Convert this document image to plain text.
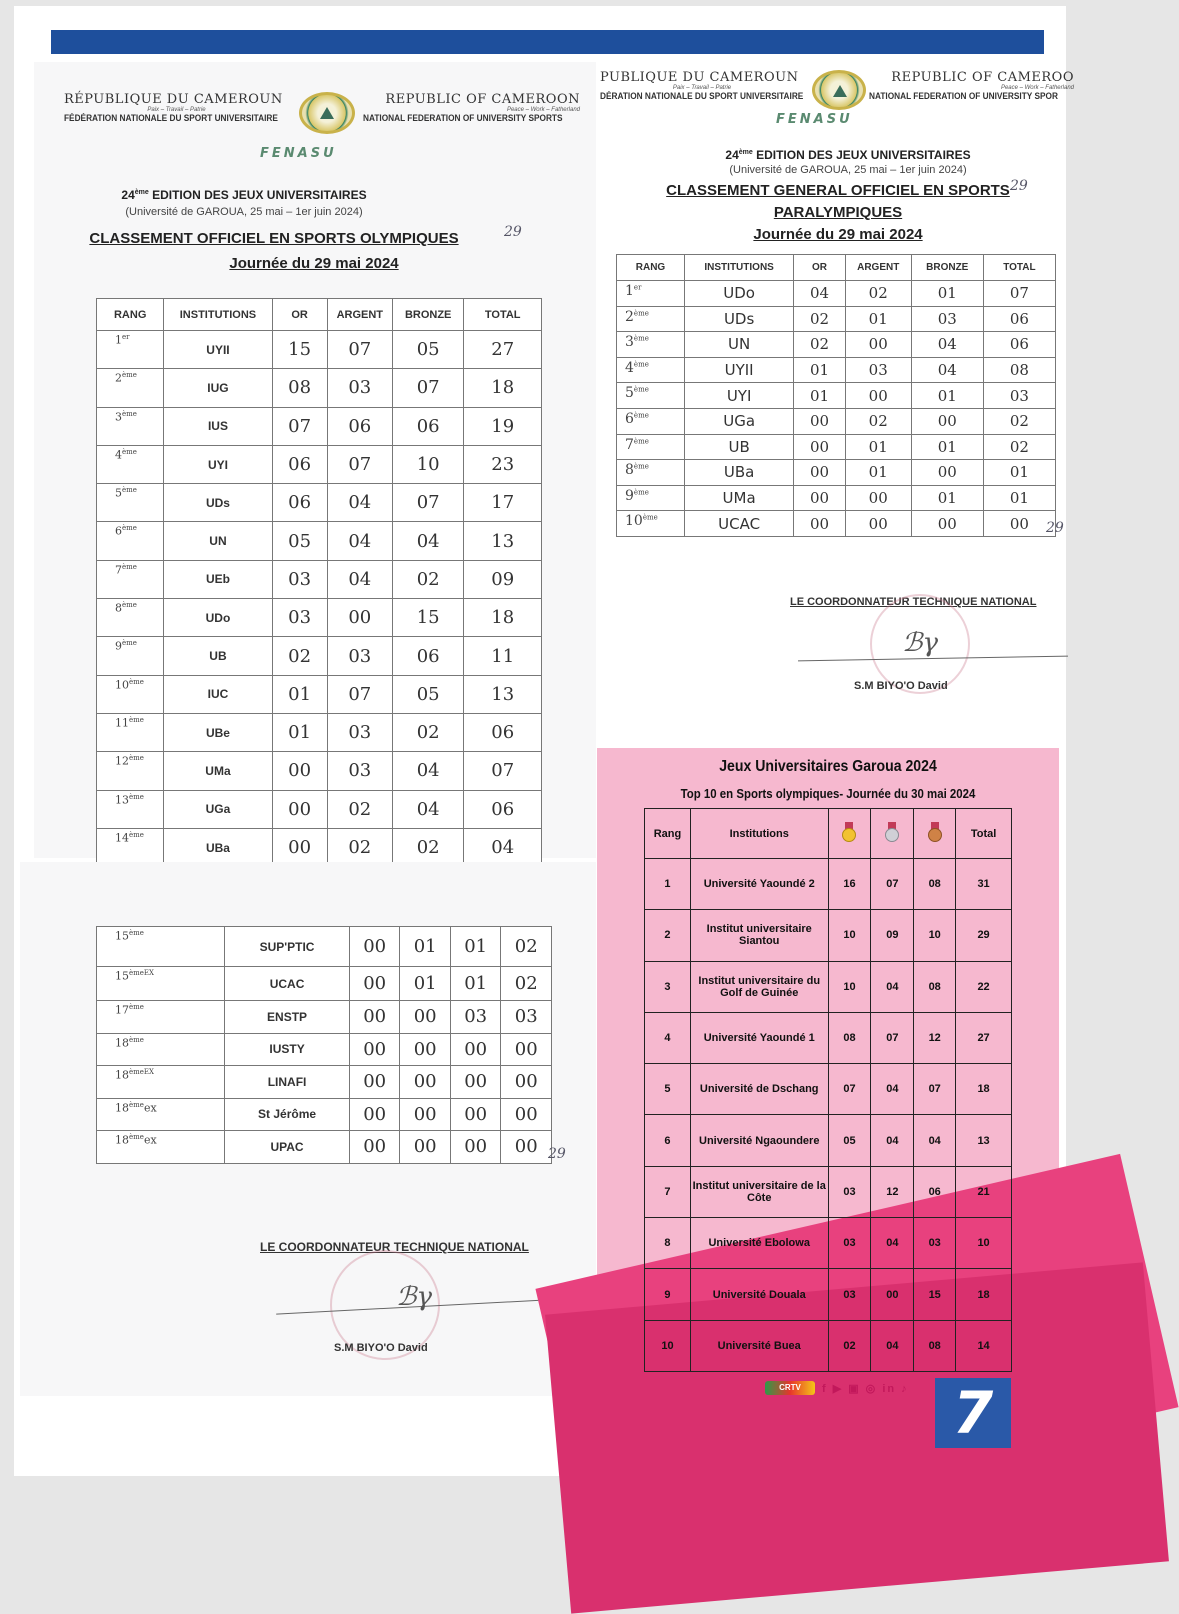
RÉPUBLIQUE DU CAMEROUN
Paix – Travail – Patrie
FÉDÉRATION NATIONALE DU SPORT UNIVERSITAIRE
REPUBLIC OF CAMEROON
Peace – Work – Fatherland
NATIONAL FEDERATION OF UNIVERSITY SPORTS
FENASU
24ème EDITION DES JEUX UNIVERSITAIRES
(Université de GAROUA, 25 mai – 1er juin 2024)
CLASSEMENT OFFICIEL EN SPORTS OLYMPIQUES	29
Journée du 29 mai 2024
RANG	INSTITUTIONS	OR	ARGENT	BRONZE	TOTAL
1er	UYII	15	07	05	27
2ème	IUG	08	03	07	18
3ème	IUS	07	06	06	19
4ème	UYI	06	07	10	23
5ème	UDs	06	04	07	17
6ème	UN	05	04	04	13
7ème	UEb	03	04	02	09
8ème	UDo	03	00	15	18
9ème	UB	02	03	06	11
10ème	IUC	01	07	05	13
11ème	UBe	01	03	02	06
12ème	UMa	00	03	04	07
13ème	UGa	00	02	04	06
14ème	UBa	00	02	02	04
15ème	SUP'PTIC	00	01	01	02
$15^{èmeEX}$	UCAC	00	01	01	02
17ème	ENSTP	00	00	03	03
18ème	IUSTY	00	00	00	00
$18^{èmeEX}$	LINAFI	00	00	00	00
18èmeex	St Jérôme	00	00	00	00
18èmeex	UPAC	00	00	00	00 29
LE COORDONNATEUR TECHNIQUE NATIONAL
ℬγ
S.M BIYO'O David
PUBLIQUE DU CAMEROUN
Paix – Travail – Patrie
DÉRATION NATIONALE DU SPORT UNIVERSITAIRE
REPUBLIC OF CAMEROO
Peace – Work – Fatherland
NATIONAL FEDERATION OF UNIVERSITY SPOR
FENASU
24ème EDITION DES JEUX UNIVERSITAIRES
(Université de GAROUA, 25 mai – 1er juin 2024)
CLASSEMENT GENERAL OFFICIEL EN SPORTS 29
PARALYMPIQUES
Journée du 29 mai 2024
RANG	INSTITUTIONS	OR	ARGENT	BRONZE	TOTAL
1er	UDo	04	02	01	07
2ème	UDs	02	01	03	06
3ème	UN	02	00	04	06
4ème	UYII	01	03	04	08
5ème	UYI	01	00	01	03
6ème	UGa	00	02	00	02
7ème	UB	00	01	01	02
8ème	UBa	00	01	00	01
9ème	UMa	00	00	01	01
10ème	UCAC	00	00	00	00 29
LE COORDONNATEUR TECHNIQUE NATIONAL
ℬγ
S.M BIYO'O David
Jeux Universitaires Garoua 2024
Top 10 en Sports olympiques- Journée du 30 mai 2024
Rang	Institutions				Total
1	Université Yaoundé 2	16	07	08	31
2	Institut universitaire Siantou	10	09	10	29
3	Institut universitaire du Golf de Guinée	10	04	08	22
4	Université Yaoundé 1	08	07	12	27
5	Université de Dschang	07	04	07	18
6	Université Ngaoundere	05	04	04	13
7	Institut universitaire de la Côte	03	12	06	21
8	Université Ebolowa	03	04	03	10
9	Université Douala	03	00	15	18
10	Université Buea	02	04	08	14
CRTV	f ▶ ▣ ◎ in ♪ 7
